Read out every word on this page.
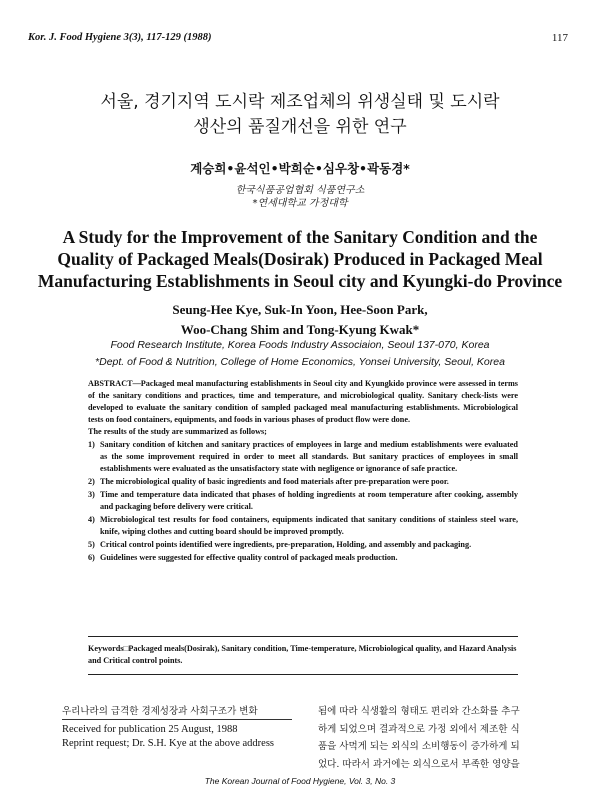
Kor. J. Food Hygiene 3(3), 117-129 (1988)	117
서울, 경기지역 도시락 제조업체의 위생실태 및 도시락
생산의 품질개선을 위한 연구
계승희•윤석인•박희순•심우창•곽동경*
한국식품공업협회 식품연구소
*연세대학교 가정대학
A Study for the Improvement of the Sanitary Condition and the
Quality of Packaged Meals(Dosirak) Produced in Packaged Meal
Manufacturing Establishments in Seoul city and Kyungki-do Province
Seung-Hee Kye, Suk-In Yoon, Hee-Soon Park,
Woo-Chang Shim and Tong-Kyung Kwak*
Food Research Institute, Korea Foods Industry Associaion, Seoul 137-070, Korea
*Dept. of Food & Nutrition, College of Home Economics, Yonsei University, Seoul, Korea

ABSTRACT—Packaged meal manufacturing establishments in Seoul city and Kyungkido province were assessed in terms of the sanitary conditions and practices, time and temperature, and microbiological quality. Sanitary check-lists were developed to evaluate the sanitary condition of sampled packaged meal manufacturing establishments. Microbiological tests on food containers, equipments, and foods in various phases of product flow were done.

The results of the study are summarized as follows;

1) Sanitary condition of kitchen and sanitary practices of employees in large and medium establishments were evaluated as the some improvement required in order to meet all standards. But sanitary practices of employees in small establishments were evaluated as the unsatisfactory state with negligence or ignorance of safe practice.
2) The microbiological quality of basic ingredients and food materials after pre-preparation were poor.
3) Time and temperature data indicated that phases of holding ingredients at room temperature after cooking, assembly and packaging before delivery were critical.
4) Microbiological test results for food containers, equipments indicated that sanitary conditions of stainless steel ware, knife, wiping clothes and cutting board should be improved promptly.
5) Critical control points identified were ingredients, pre-preparation, Holding, and assembly and packaging.
6) Guidelines were suggested for effective quality control of packaged meals production.
Keywords□Packaged meals(Dosirak), Sanitary condition, Time-temperature, Microbiological quality, and Hazard Analysis and Critical control points.
우리나라의 급격한 경제성장과 사회구조가 변화
Received for publication 25 August, 1988
Reprint request; Dr. S.H. Kye at the above address
됨에 따라 식생활의 형태도 편리와 간소화를 추구
하게 되었으며 결과적으로 가정 외에서 제조한 식
품을 사먹게 되는 외식의 소비행동이 증가하게 되
었다. 따라서 과거에는 외식으로서 부족한 영양을
The Korean Journal of Food Hygiene, Vol. 3, No. 3
